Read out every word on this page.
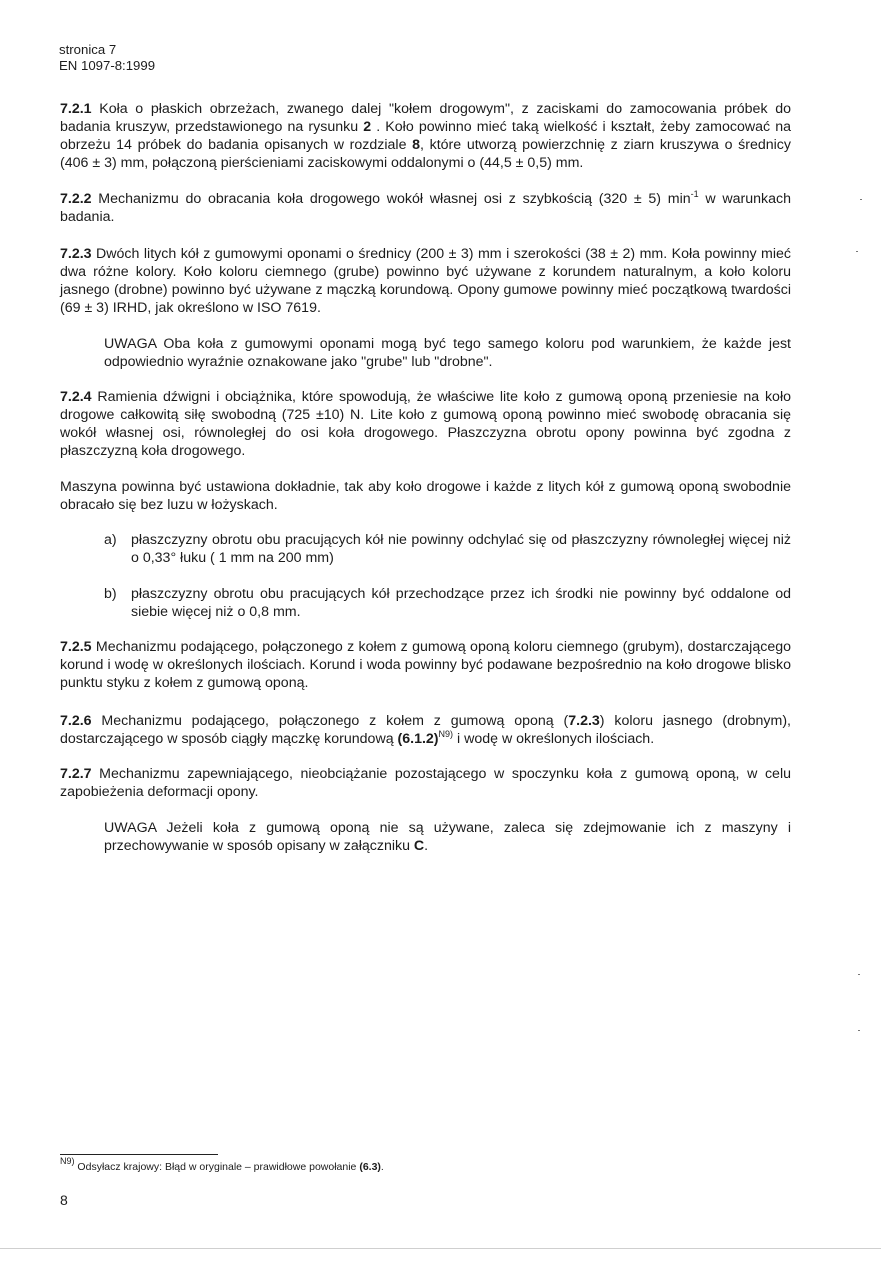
stronica 7
EN 1097-8:1999
7.2.1 Koła o płaskich obrzeżach, zwanego dalej "kołem drogowym", z zaciskami do zamocowania próbek do badania kruszyw, przedstawionego na rysunku 2 . Koło powinno mieć taką wielkość i kształt, żeby zamocować na obrzeżu 14 próbek do badania opisanych w rozdziale 8, które utworzą powierzchnię z ziarn kruszywa o średnicy (406 ± 3) mm, połączoną pierścieniami zaciskowymi oddalonymi o (44,5 ± 0,5) mm.
7.2.2 Mechanizmu do obracania koła drogowego wokół własnej osi z szybkością (320 ± 5) $\min^{-1} w$ warunkach badania.
7.2.3 Dwóch litych kół z gumowymi oponami o średnicy (200 ± 3) mm i szerokości (38 ± 2) mm. Koła powinny mieć dwa różne kolory. Koło koloru ciemnego (grube) powinno być używane z korundem naturalnym, a koło koloru jasnego (drobne) powinno być używane z mączką korundową. Opony gumowe powinny mieć początkową twardości (69 ± 3) IRHD, jak określono w ISO 7619.
UWAGA Oba koła z gumowymi oponami mogą być tego samego koloru pod warunkiem, że każde jest odpowiednio wyraźnie oznakowane jako "grube" lub "drobne".
7.2.4 Ramienia dźwigni i obciążnika, które spowodują, że właściwe lite koło z gumową oponą przeniesie na koło drogowe całkowitą siłę swobodną (725 ±10) N. Lite koło z gumową oponą powinno mieć swobodę obracania się wokół własnej osi, równoległej do osi koła drogowego. Płaszczyzna obrotu opony powinna być zgodna z płaszczyzną koła drogowego.
Maszyna powinna być ustawiona dokładnie, tak aby koło drogowe i każde z litych kół z gumową oponą swobodnie obracało się bez luzu w łożyskach.
a) płaszczyzny obrotu obu pracujących kół nie powinny odchylać się od płaszczyzny równoległej więcej niż o 0,33° łuku ( 1 mm na 200 mm)
b) płaszczyzny obrotu obu pracujących kół przechodzące przez ich środki nie powinny być oddalone od siebie więcej niż o 0,8 mm.
7.2.5 Mechanizmu podającego, połączonego z kołem z gumową oponą koloru ciemnego (grubym), dostarczającego korund i wodę w określonych ilościach. Korund i woda powinny być podawane bezpośrednio na koło drogowe blisko punktu styku z kołem z gumową oponą.
7.2.6 Mechanizmu podającego, połączonego z kołem z gumową oponą (7.2.3) koloru jasnego (drobnym), dostarczającego w sposób ciągły mączkę korundową $(6.1.2)^{N9)}$ i wodę w określonych ilościach.
7.2.7 Mechanizmu zapewniającego, nieobciążanie pozostającego w spoczynku koła z gumową oponą, w celu zapobieżenia deformacji opony.
UWAGA Jeżeli koła z gumową oponą nie są używane, zaleca się zdejmowanie ich z maszyny i przechowywanie w sposób opisany w załączniku C.
$^{N9)}$ Odsyłacz krajowy: Błąd w oryginale – prawidłowe powołanie (6.3).
8
